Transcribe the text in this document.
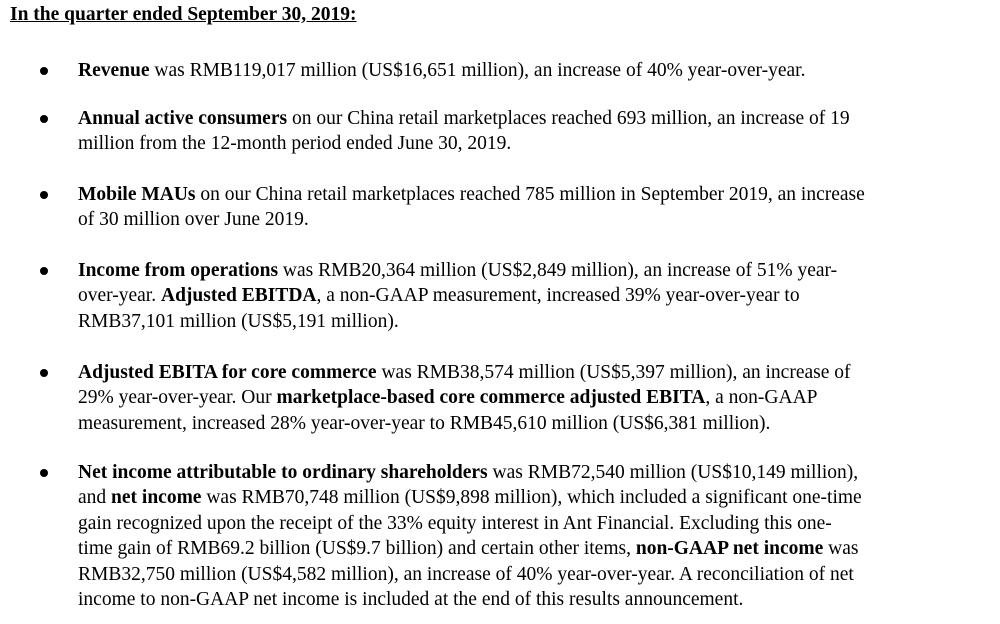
In the quarter ended September 30, 2019:

Revenue was RMB119,017 million (US$16,651 million), an increase of 40% year-over-year.

Annual active consumers on our China retail marketplaces reached 693 million, an increase of 19
million from the 12-month period ended June 30, 2019.

Mobile MAUs on our China retail marketplaces reached 785 million in September 2019, an increase
of 30 million over June 2019.

Income from operations was RMB20,364 million (US$2,849 million), an increase of 51% year-
over-year. Adjusted EBITDA, a non-GAAP measurement, increased 39% year-over-year to
RMB37,101 million (US$5,191 million).

Adjusted EBITA for core commerce was RMB38,574 million (US$5,397 million), an increase of
29% year-over-year. Our marketplace-based core commerce adjusted EBITA, a non-GAAP
measurement, increased 28% year-over-year to RMB45,610 million (US$6,381 million).

Net income attributable to ordinary shareholders was RMB72,540 million (US$10,149 million),
and net income was RMB70,748 million (US$9,898 million), which included a significant one-time
gain recognized upon the receipt of the 33% equity interest in Ant Financial. Excluding this one-
time gain of RMB69.2 billion (US$9.7 billion) and certain other items, non-GAAP net income was
RMB32,750 million (US$4,582 million), an increase of 40% year-over-year. A reconciliation of net
income to non-GAAP net income is included at the end of this results announcement.
